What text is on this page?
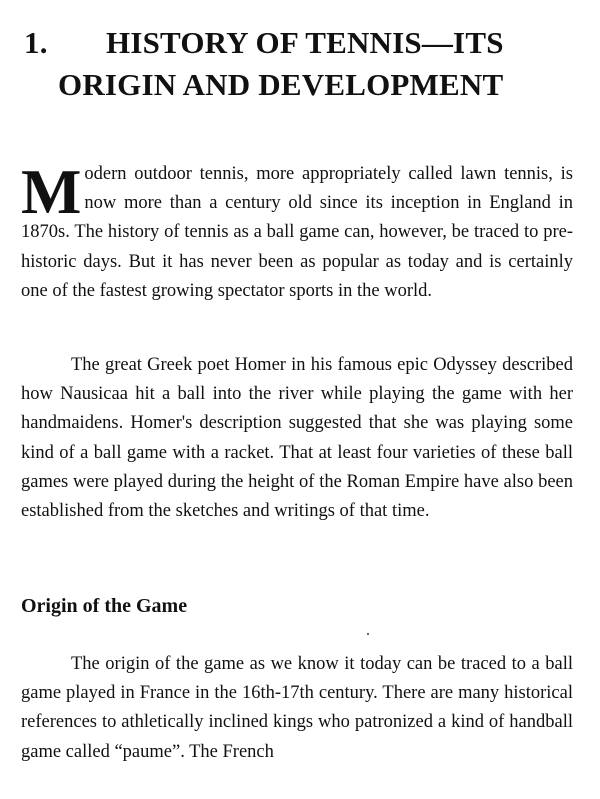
1. HISTORY OF TENNIS—ITS
ORIGIN AND DEVELOPMENT

Modern outdoor tennis, more appropriately called lawn tennis, is now more than a century old since its inception in England in 1870s. The history of tennis as a ball game can, however, be traced to pre-historic days. But it has never been as popular as today and is certainly one of the fastest growing spectator sports in the world.

The great Greek poet Homer in his famous epic Odyssey described how Nausicaa hit a ball into the river while playing the game with her handmaidens. Homer's description suggested that she was playing some kind of a ball game with a racket. That at least four varieties of these ball games were played during the height of the Roman Empire have also been established from the sketches and writings of that time.

Origin of the Game

The origin of the game as we know it today can be traced to a ball game played in France in the 16th-17th century. There are many historical references to athletically inclined kings who patronized a kind of handball game called “paume”. The French
